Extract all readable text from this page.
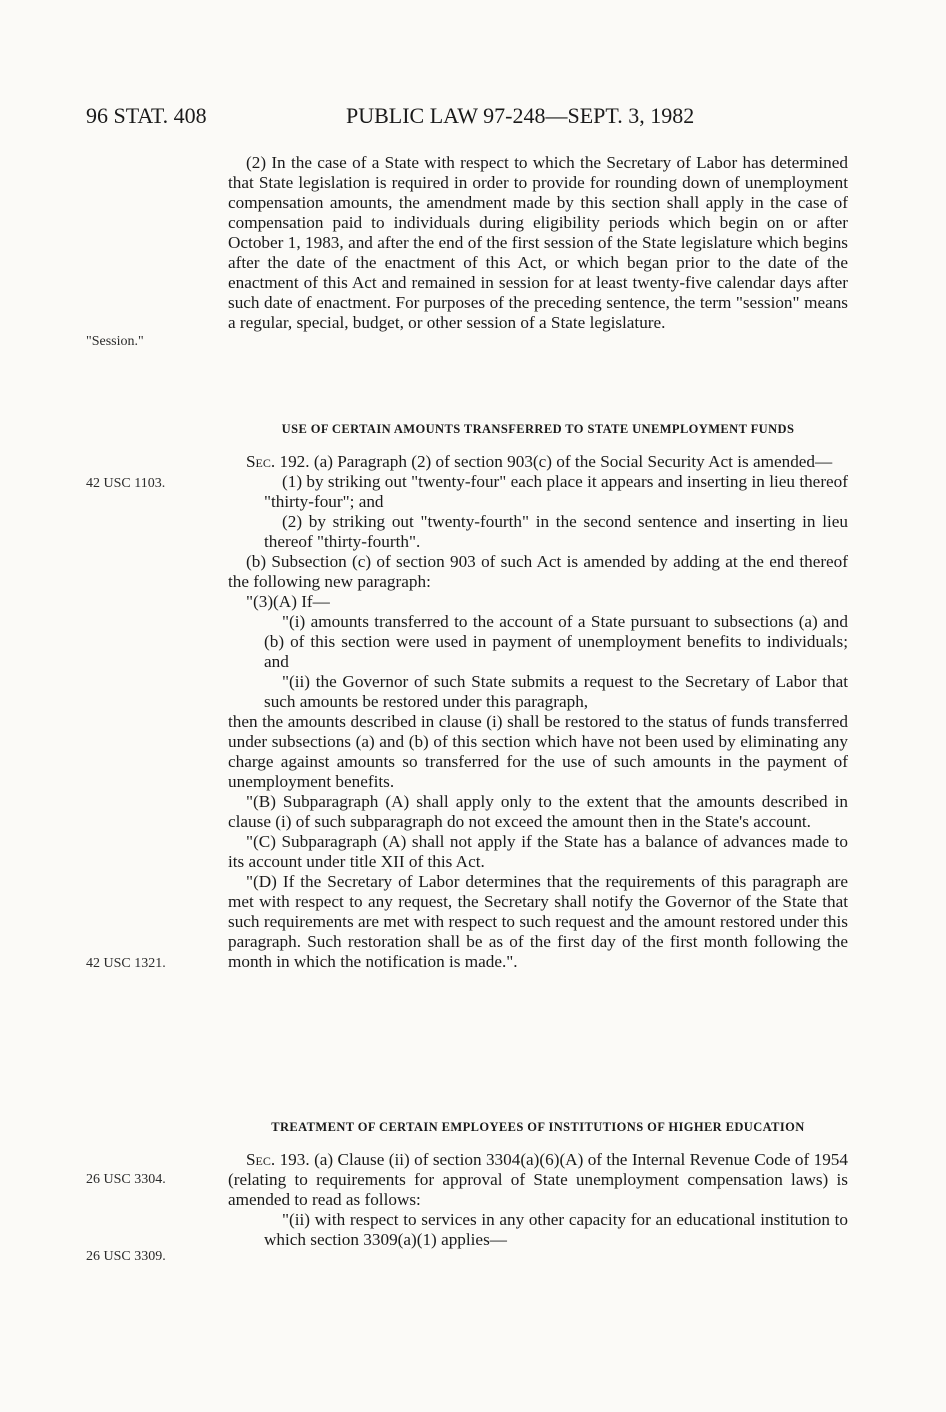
96 STAT. 408	PUBLIC LAW 97-248—SEPT. 3, 1982
"Session."
42 USC 1103.
42 USC 1321.
26 USC 3304.
26 USC 3309.

(2) In the case of a State with respect to which the Secretary of Labor has determined that State legislation is required in order to provide for rounding down of unemployment compensation amounts, the amendment made by this section shall apply in the case of compensation paid to individuals during eligibility periods which begin on or after October 1, 1983, and after the end of the first session of the State legislature which begins after the date of the enactment of this Act, or which began prior to the date of the enactment of this Act and remained in session for at least twenty-five calendar days after such date of enactment. For purposes of the preceding sentence, the term "session" means a regular, special, budget, or other session of a State legislature.

USE OF CERTAIN AMOUNTS TRANSFERRED TO STATE UNEMPLOYMENT FUNDS

Sec. 192. (a) Paragraph (2) of section 903(c) of the Social Security Act is amended—

(1) by striking out "twenty-four" each place it appears and inserting in lieu thereof "thirty-four"; and

(2) by striking out "twenty-fourth" in the second sentence and inserting in lieu thereof "thirty-fourth".

(b) Subsection (c) of section 903 of such Act is amended by adding at the end thereof the following new paragraph:

"(3)(A) If—

"(i) amounts transferred to the account of a State pursuant to subsections (a) and (b) of this section were used in payment of unemployment benefits to individuals; and

"(ii) the Governor of such State submits a request to the Secretary of Labor that such amounts be restored under this paragraph,

then the amounts described in clause (i) shall be restored to the status of funds transferred under subsections (a) and (b) of this section which have not been used by eliminating any charge against amounts so transferred for the use of such amounts in the payment of unemployment benefits.

"(B) Subparagraph (A) shall apply only to the extent that the amounts described in clause (i) of such subparagraph do not exceed the amount then in the State's account.

"(C) Subparagraph (A) shall not apply if the State has a balance of advances made to its account under title XII of this Act.

"(D) If the Secretary of Labor determines that the requirements of this paragraph are met with respect to any request, the Secretary shall notify the Governor of the State that such requirements are met with respect to such request and the amount restored under this paragraph. Such restoration shall be as of the first day of the first month following the month in which the notification is made.".

TREATMENT OF CERTAIN EMPLOYEES OF INSTITUTIONS OF HIGHER EDUCATION

Sec. 193. (a) Clause (ii) of section 3304(a)(6)(A) of the Internal Revenue Code of 1954 (relating to requirements for approval of State unemployment compensation laws) is amended to read as follows:

"(ii) with respect to services in any other capacity for an educational institution to which section 3309(a)(1) applies—
